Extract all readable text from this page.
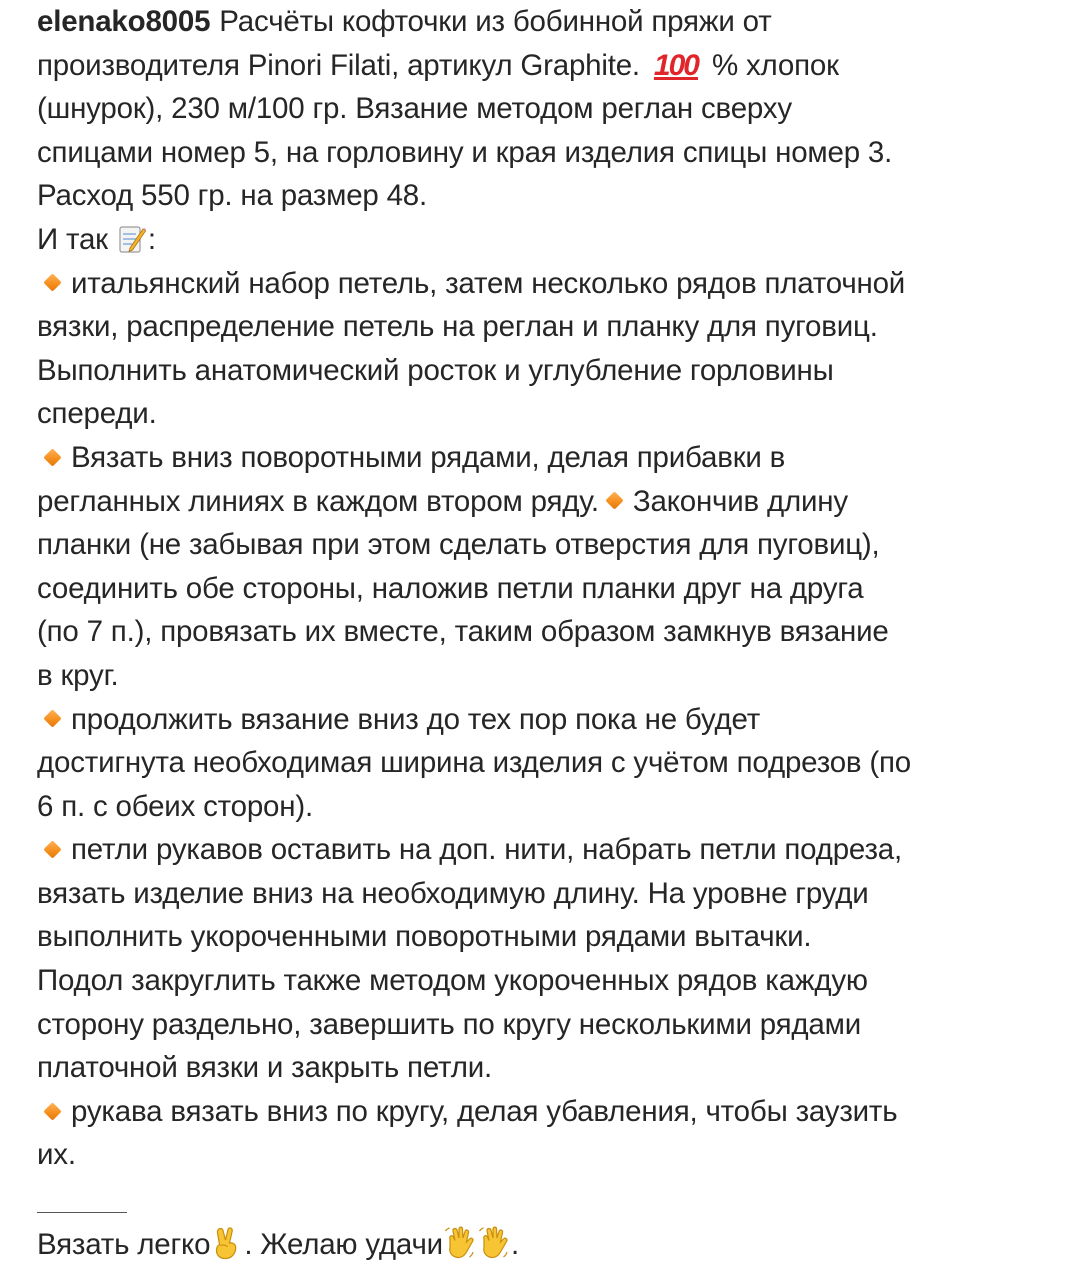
elenako8005 Расчёты кофточки из бобинной пряжи от
производителя Pinori Filati, артикул Graphite. 100 % хлопок
(шнурок), 230 м/100 гр. Вязание методом реглан сверху
спицами номер 5, на горловину и края изделия спицы номер 3.
Расход 550 гр. на размер 48.
И так :
итальянский набор петель, затем несколько рядов платочной
вязки, распределение петель на реглан и планку для пуговиц.
Выполнить анатомический росток и углубление горловины
спереди.
Вязать вниз поворотными рядами, делая прибавки в
регланных линиях в каждом втором ряду. Закончив длину
планки (не забывая при этом сделать отверстия для пуговиц),
соединить обе стороны, наложив петли планки друг на друга
(по 7 п.), провязать их вместе, таким образом замкнув вязание
в круг.
продолжить вязание вниз до тех пор пока не будет
достигнута необходимая ширина изделия с учётом подрезов (по
6 п. с обеих сторон).
петли рукавов оставить на доп. нити, набрать петли подреза,
вязать изделие вниз на необходимую длину. На уровне груди
выполнить укороченными поворотными рядами вытачки.
Подол закруглить также методом укороченных рядов каждую
сторону раздельно, завершить по кругу несколькими рядами
платочной вязки и закрыть петли.
рукава вязать вниз по кругу, делая убавления, чтобы заузить
их.
Вязать легко . Желаю удачи .
